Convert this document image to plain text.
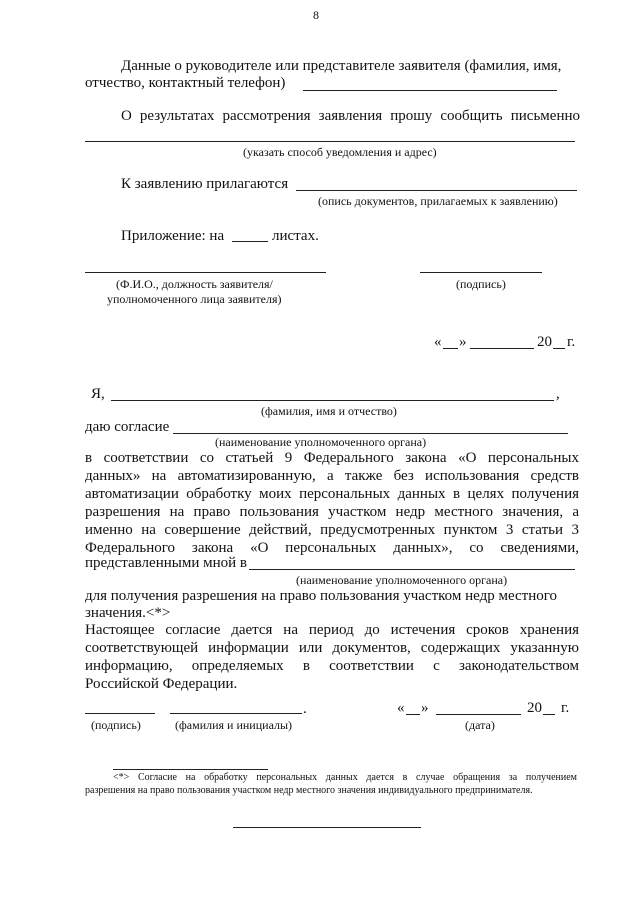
8
Данные о руководителе или представителе заявителя (фамилия, имя,
отчество, контактный телефон)
О результатах рассмотрения заявления прошу сообщить письменно
(указать способ уведомления и адрес)
К заявлению прилагаются
(опись документов, прилагаемых к заявлению)
Приложение: на	листах.
(Ф.И.О., должность заявителя/
уполномоченного лица заявителя)
(подпись)
« »	20 г.
Я,	,
(фамилия, имя и отчество)
даю согласие
(наименование уполномоченного органа)
в соответствии со статьей 9 Федерального закона «О персональных
данных» на автоматизированную, а также без использования средств
автоматизации обработку моих персональных данных в целях получения
разрешения на право пользования участком недр местного значения, а
именно на совершение действий, предусмотренных пунктом 3 статьи 3
Федерального закона «О персональных данных», со сведениями,
представленными мной в
(наименование уполномоченного органа)
для получения разрешения на право пользования участком недр местного
значения.<*>
Настоящее согласие дается на период до истечения сроков хранения
соответствующей информации или документов, содержащих указанную
информацию, определяемых в соответствии с законодательством
Российской Федерации.
(подпись)
.
(фамилия и инициалы)
« »	20 г.
(дата)
<*> Согласие на обработку персональных данных дается в случае обращения за получением
разрешения на право пользования участком недр местного значения индивидуального предпринимателя.
